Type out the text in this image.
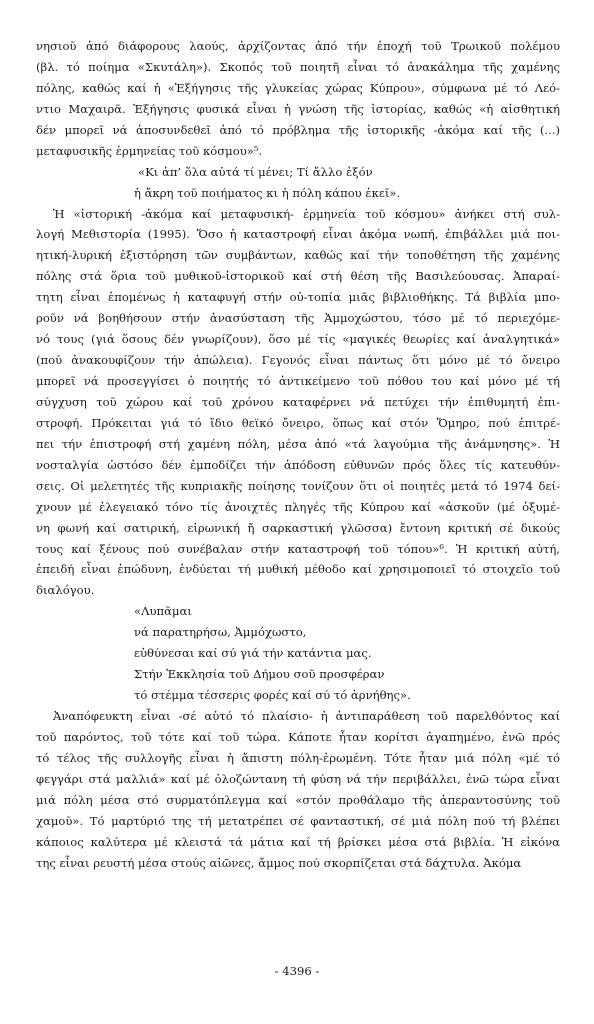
νησιοῦ ἀπό διάφορους λαούς, ἀρχίζοντας ἀπό τήν ἐποχή τοῦ Τρωικοῦ πολέμου
(βλ. τό ποίημα «Σκυτάλη»). Σκοπός τοῦ ποιητῆ εἶναι τό ἀνακάλημα τῆς χαμένης
πόλης, καθώς καί ἡ «Ἐξήγησις τῆς γλυκείας χώρας Κύπρου», σύμφωνα μέ τό Λεό-
ντιο Μαχαιρᾶ. Ἐξήγησις φυσικά εἶναι ἡ γνώση τῆς ἱστορίας, καθώς «ἡ αἰσθητική
δέν μπορεῖ νά ἀποσυνδεθεῖ ἀπό τό πρόβλημα τῆς ἱστορικῆς -ἀκόμα καί τῆς (...)
μεταφυσικῆς ἑρμηνείας τοῦ κόσμου»⁵.
«Κι ἀπ’ ὅλα αὐτά τί μένει; Τί ἄλλο ἐξόν
ἡ ἄκρη τοῦ ποιήματος κι ἡ πόλη κάπου ἐκεῖ».
Ἡ «ἱστορική -ἀκόμα καί μεταφυσική- ἑρμηνεία τοῦ κόσμου» ἀνήκει στή συλ-
λογή Μεθιστορία (1995). Ὅσο ἡ καταστροφή εἶναι ἀκόμα νωπή, ἐπιβάλλει μιά ποι-
ητική-λυρική ἐξιστόρηση τῶν συμβάντων, καθώς καί τήν τοποθέτηση τῆς χαμένης
πόλης στά ὅρια τοῦ μυθικοῦ-ἱστορικοῦ καί στή θέση τῆς Βασιλεύουσας. Ἀπαραί-
τητη εἶναι ἑπομένως ἡ καταφυγή στήν οὐ-τοπία μιᾶς βιβλιοθήκης. Τά βιβλία μπο-
ροῦν νά βοηθήσουν στήν ἀνασύσταση τῆς Ἀμμοχώστου, τόσο μέ τό περιεχόμε-
νό τους (γιά ὅσους δέν γνωρίζουν), ὅσο μέ τίς «μαγικές θεωρίες καί ἀναλγητικά»
(πού ἀνακουφίζουν τήν ἀπώλεια). Γεγονός εἶναι πάντως ὅτι μόνο μέ τό ὄνειρο
μπορεῖ νά προσεγγίσει ὁ ποιητής τό ἀντικείμενο τοῦ πόθου του καί μόνο μέ τή
σύγχυση τοῦ χώρου καί τοῦ χρόνου καταφέρνει νά πετύχει τήν ἐπιθυμητή ἐπι-
στροφή. Πρόκειται γιά τό ἴδιο θεϊκό ὄνειρο, ὅπως καί στόν Ὅμηρο, πού ἐπιτρέ-
πει τήν ἐπιστροφή στή χαμένη πόλη, μέσα ἀπό «τά λαγούμια τῆς ἀνάμνησης». Ἡ
νοσταλγία ὡστόσο δέν ἐμποδίζει τήν ἀπόδοση εὐθυνῶν πρός ὅλες τίς κατευθύν-
σεις. Οἱ μελετητές τῆς κυπριακῆς ποίησης τονίζουν ὅτι οἱ ποιητές μετά τό 1974 δεί-
χνουν μέ ἐλεγειακό τόνο τίς ἀνοιχτές πληγές τῆς Κύπρου καί «ἀσκοῦν (μέ ὀξυμέ-
νη φωνή καί σατιρική, εἰρωνική ἤ σαρκαστική γλῶσσα) ἔντονη κριτική σέ δικούς
τους καί ξένους πού συνέβαλαν στήν καταστροφή τοῦ τόπου»⁶. Ἡ κριτική αὐτή,
ἐπειδή εἶναι ἐπώδυνη, ἐνδύεται τή μυθική μέθοδο καί χρησιμοποιεῖ τό στοιχεῖο τοῦ
διαλόγου.
«Λυπᾶμαι
νά παρατηρήσω, Ἀμμόχωστο,
εὐθύνεσαι καί σύ γιά τήν κατάντια μας.
Στήν Ἐκκλησία τοῦ Δήμου σοῦ προσφέραν
τό στέμμα τέσσερις φορές καί σύ τό ἀρνήθης».
Ἀναπόφευκτη εἶναι -σέ αὐτό τό πλαίσιο- ἡ ἀντιπαράθεση τοῦ παρελθόντος καί
τοῦ παρόντος, τοῦ τότε καί τοῦ τώρα. Κάποτε ἦταν κορίτσι ἀγαπημένο, ἐνῶ πρός
τό τέλος τῆς συλλογῆς εἶναι ἡ ἄπιστη πόλη-ἐρωμένη. Τότε ἦταν μιά πόλη «μέ τό
φεγγάρι στά μαλλιά» καί μέ ὁλοζώντανη τή φύση νά τήν περιβάλλει, ἐνῶ τώρα εἶναι
μιά πόλη μέσα στό συρματόπλεγμα καί «στόν προθάλαμο τῆς ἀπεραντοσύνης τοῦ
χαμοῦ». Τό μαρτύριό της τή μετατρέπει σέ φανταστική, σέ μιά πόλη πού τή βλέπει
κάποιος καλύτερα μέ κλειστά τά μάτια καί τή βρίσκει μέσα στά βιβλία. Ἡ εἰκόνα
της εἶναι ρευστή μέσα στούς αἰῶνες, ἄμμος πού σκορπίζεται στά δάχτυλα. Ἀκόμα
- 4396 -
